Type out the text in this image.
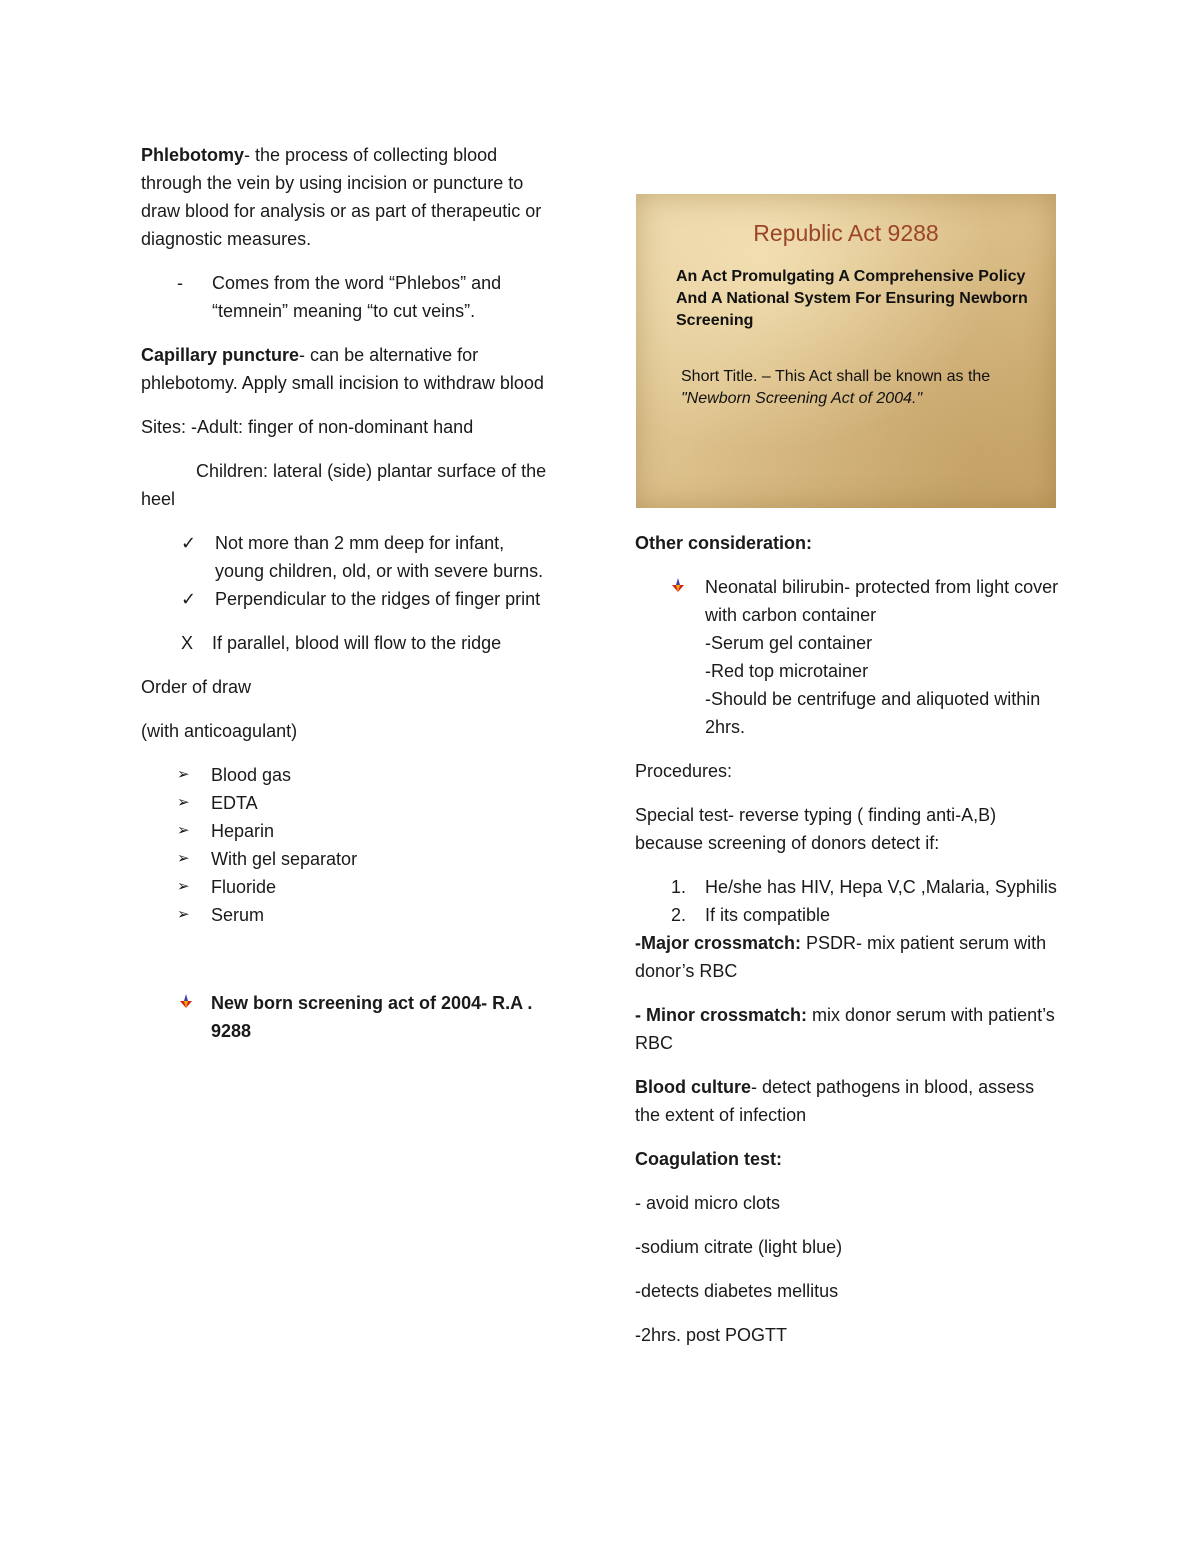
Phlebotomy- the process of collecting blood through the vein by using incision or puncture to draw blood for analysis or as part of therapeutic or diagnostic measures.

- Comes from the word “Phlebos” and “temnein” meaning “to cut veins”.

Capillary puncture- can be alternative for phlebotomy. Apply small incision to withdraw blood

Sites: -Adult: finger of non-dominant hand

Children: lateral (side) plantar surface of the heel

✓ Not more than 2 mm deep for infant, young children, old, or with severe burns.
✓ Perpendicular to the ridges of finger print

X If parallel, blood will flow to the ridge

Order of draw

(with anticoagulant)

➢ Blood gas
➢ EDTA
➢ Heparin
➢ With gel separator
➢ Fluoride
➢ Serum
New born screening act of 2004- R.A . 9288
Republic Act 9288
An Act Promulgating A Comprehensive Policy And A National System For Ensuring Newborn Screening
Short Title. – This Act shall be known as the
"Newborn Screening Act of 2004."

Other consideration:

Neonatal bilirubin- protected from light cover with carbon container
-Serum gel container
-Red top microtainer
-Should be centrifuge and aliquoted within 2hrs.

Procedures:

Special test- reverse typing ( finding anti-A,B) because screening of donors detect if:

1. He/she has HIV, Hepa V,C ,Malaria, Syphilis
2. If its compatible

-Major crossmatch: PSDR- mix patient serum with donor’s RBC

- Minor crossmatch: mix donor serum with patient’s RBC

Blood culture- detect pathogens in blood, assess the extent of infection

Coagulation test:

- avoid micro clots

-sodium citrate (light blue)

-detects diabetes mellitus

-2hrs. post POGTT
